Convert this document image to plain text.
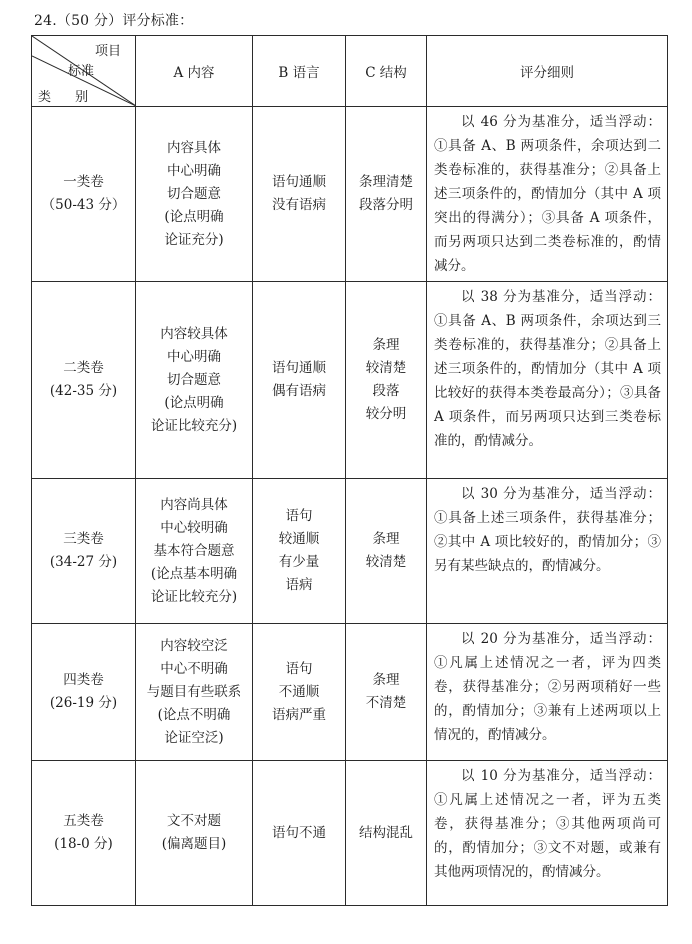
24.（50 分）评分标准：
项目
标准
类 别	A 内容	B 语言	C 结构	评分细则

一类卷
（50-43 分）	内容具体
中心明确
切合题意
(论点明确
论证充分)	语句通顺
没有语病	条理清楚
段落分明	以 46 分为基准分，适当浮动：①具备 A、B 两项条件，余项达到二类卷标准的，获得基准分；②具备上述三项条件的，酌情加分（其中 A 项突出的得满分）；③具备 A 项条件，而另两项只达到二类卷标准的，酌情减分。

二类卷
(42-35 分)	内容较具体
中心明确
切合题意
(论点明确
论证比较充分)	语句通顺
偶有语病	条理
较清楚
段落
较分明	以 38 分为基准分，适当浮动：①具备 A、B 两项条件，余项达到三类卷标准的，获得基准分；②具备上述三项条件的，酌情加分（其中 A 项比较好的获得本类卷最高分）；③具备 A 项条件，而另两项只达到三类卷标准的，酌情减分。

三类卷
(34-27 分)	内容尚具体
中心较明确
基本符合题意
(论点基本明确
论证比较充分)	语句
较通顺
有少量
语病	条理
较清楚	以 30 分为基准分，适当浮动：①具备上述三项条件，获得基准分；②其中 A 项比较好的，酌情加分；③另有某些缺点的，酌情减分。

四类卷
(26-19 分)	内容较空泛
中心不明确
与题目有些联系
(论点不明确
论证空泛)	语句
不通顺
语病严重	条理
不清楚	以 20 分为基准分，适当浮动：①凡属上述情况之一者，评为四类卷，获得基准分；②另两项稍好一些的，酌情加分；③兼有上述两项以上情况的，酌情减分。

五类卷
(18-0 分)	文不对题
(偏离题目)	语句不通	结构混乱	以 10 分为基准分，适当浮动：①凡属上述情况之一者，评为五类卷，获得基准分；③其他两项尚可的，酌情加分；③文不对题，或兼有其他两项情况的，酌情减分。
